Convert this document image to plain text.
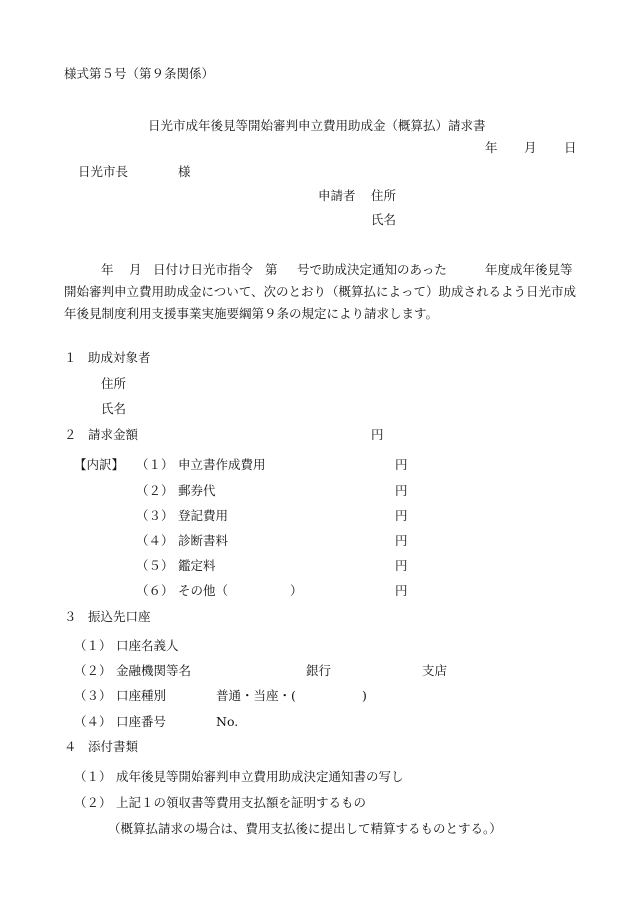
様式第５号（第９条関係）
日光市成年後見等開始審判申立費用助成金（概算払）請求書
年 月 日
日光市長	様
申請者 住所
氏名
年 月 日付け日光市指令 第 号で助成決定通知のあった	年度成年後見等
開始審判申立費用助成金について、次のとおり（概算払によって）助成されるよう日光市成
年後見制度利用支援事業実施要綱第９条の規定により請求します。
１ 助成対象者
住所
氏名
２ 請求金額	円
【内訳】 （１） 申立書作成費用	円
（２） 郵券代	円
（３） 登記費用	円
（４） 診断書料	円
（５） 鑑定料	円
（６） その他（	）	円
３ 振込先口座
（１） 口座名義人
（２） 金融機関等名	銀行	支店
（３） 口座種別	普通・当座・(	)
（４） 口座番号	No.
４ 添付書類
（１） 成年後見等開始審判申立費用助成決定通知書の写し
（２） 上記１の領収書等費用支払額を証明するもの
（概算払請求の場合は、費用支払後に提出して精算するものとする。）
